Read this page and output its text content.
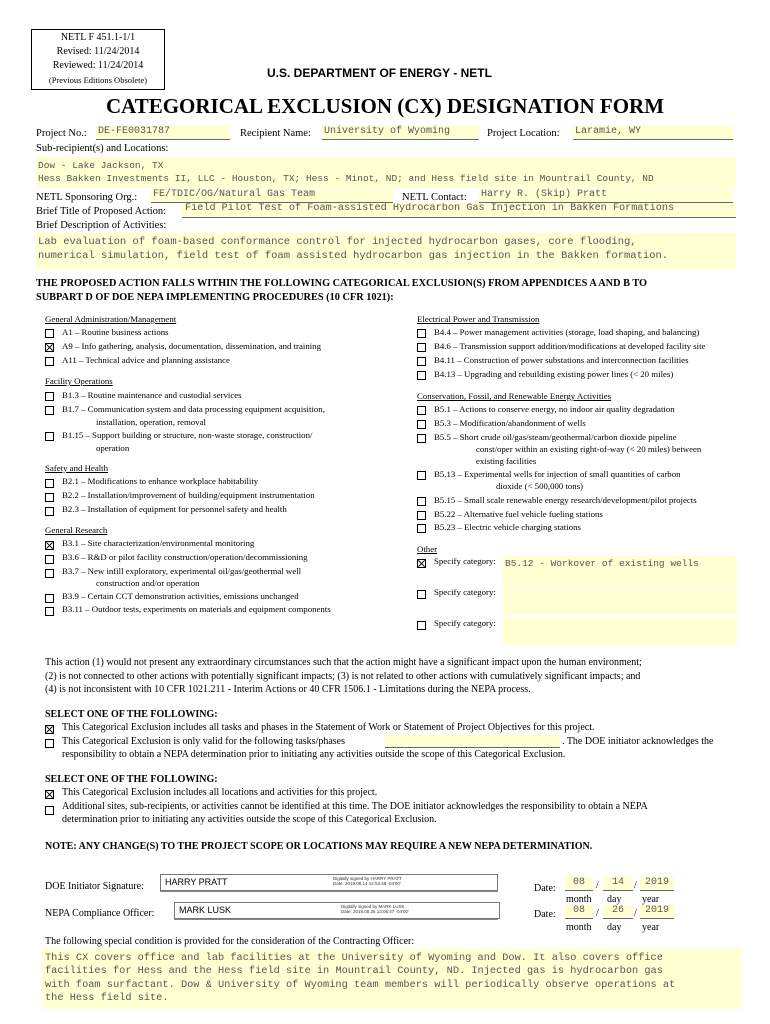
NETL F 451.1-1/1
Revised: 11/24/2014
Reviewed: 11/24/2014
(Previous Editions Obsolete)	U.S. DEPARTMENT OF ENERGY - NETL
CATEGORICAL EXCLUSION (CX) DESIGNATION FORM
Project No.: DE-FE0031787	Recipient Name: University of Wyoming	Project Location: Laramie, WY
Sub-recipient(s) and Locations:
Dow - Lake Jackson, TX
Hess Bakken Investments II, LLC - Houston, TX; Hess - Minot, ND; and Hess field site in Mountrail County, ND
NETL Sponsoring Org.: FE/TDIC/OG/Natural Gas Team	NETL Contact: Harry R. (Skip) Pratt
Brief Title of Proposed Action: Field Pilot Test of Foam-assisted Hydrocarbon Gas Injection in Bakken Formations
Brief Description of Activities:
Lab evaluation of foam-based conformance control for injected hydrocarbon gases, core flooding,
numerical simulation, field test of foam assisted hydrocarbon gas injection in the Bakken formation.
THE PROPOSED ACTION FALLS WITHIN THE FOLLOWING CATEGORICAL EXCLUSION(S) FROM APPENDICES A AND B TO
SUBPART D OF DOE NEPA IMPLEMENTING PROCEDURES (10 CFR 1021):
General Administration/Management
A1 – Routine business actions
A9 – Info gathering, analysis, documentation, dissemination, and training
A11 – Technical advice and planning assistance
Facility Operations
B1.3 – Routine maintenance and custodial services
B1.7 – Communication system and data processing equipment acquisition,
installation, operation, removal
B1.15 – Support building or structure, non-waste storage, construction/
operation
Safety and Health
B2.1 – Modifications to enhance workplace habitability
B2.2 – Installation/improvement of building/equipment instrumentation
B2.3 – Installation of equipment for personnel safety and health
General Research
B3.1 – Site characterization/environmental monitoring
B3.6 – R&D or pilot facility construction/operation/decommissioning
B3.7 – New infill exploratory, experimental oil/gas/geothermal well
construction and/or operation
B3.9 – Certain CCT demonstration activities, emissions unchanged
B3.11 – Outdoor tests, experiments on materials and equipment components
Electrical Power and Transmission
B4.4 – Power management activities (storage, load shaping, and balancing)
B4.6 – Transmission support addition/modifications at developed facility site
B4.11 – Construction of power substations and interconnection facilities
B4.13 – Upgrading and rebuilding existing power lines (< 20 miles)
Conservation, Fossil, and Renewable Energy Activities
B5.1 – Actions to conserve energy, no indoor air quality degradation
B5.3 – Modification/abandonment of wells
B5.5 – Short crude oil/gas/steam/geothermal/carbon dioxide pipeline
const/oper within an existing right-of-way (< 20 miles) between
existing facilities
B5.13 – Experimental wells for injection of small quantities of carbon
dioxide (< 500,000 tons)
B5.15 – Small scale renewable energy research/development/pilot projects
B5.22 – Alternative fuel vehicle fueling stations
B5.23 – Electric vehicle charging stations
Other
Specify category: B5.12 - Workover of existing wells
Specify category:
Specify category:
This action (1) would not present any extraordinary circumstances such that the action might have a significant impact upon the human environment;
(2) is not connected to other actions with potentially significant impacts; (3) is not related to other actions with cumulatively significant impacts; and
(4) is not inconsistent with 10 CFR 1021.211 - Interim Actions or 40 CFR 1506.1 - Limitations during the NEPA process.
SELECT ONE OF THE FOLLOWING:
This Categorical Exclusion includes all tasks and phases in the Statement of Work or Statement of Project Objectives for this project.
This Categorical Exclusion is only valid for the following tasks/phases	. The DOE initiator acknowledges the
responsibility to obtain a NEPA determination prior to initiating any activities outside the scope of this Categorical Exclusion.
SELECT ONE OF THE FOLLOWING:
This Categorical Exclusion includes all locations and activities for this project.
Additional sites, sub-recipients, or activities cannot be identified at this time. The DOE initiator acknowledges the responsibility to obtain a NEPA
determination prior to initiating any activities outside the scope of this Categorical Exclusion.
NOTE: ANY CHANGE(S) TO THE PROJECT SCOPE OR LOCATIONS MAY REQUIRE A NEW NEPA DETERMINATION.
DOE Initiator Signature: HARRY PRATT	Digitally signed by HARRY PRATT
Date: 2019.08.14 12:53:48 -04'00'
NEPA Compliance Officer:	MARK LUSK	Digitally signed by MARK LUSK
Date: 2019.08.26 13:06:47 -04'00'
Date:
08	/	14	/ 2019
month day year
Date:	08	/	26	/ 2019
month day year
The following special condition is provided for the consideration of the Contracting Officer:
This CX covers office and lab facilities at the University of Wyoming and Dow. It also covers office
facilities for Hess and the Hess field site in Mountrail County, ND. Injected gas is hydrocarbon gas
with foam surfactant. Dow & University of Wyoming team members will periodically observe operations at
the Hess field site.
